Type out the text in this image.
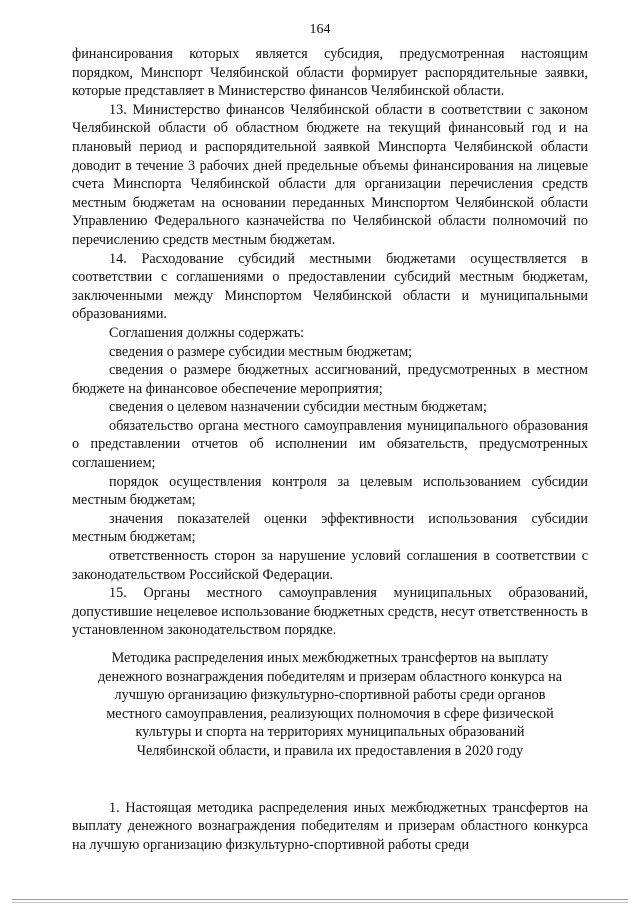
164

финансирования которых является субсидия, предусмотренная настоящим порядком, Минспорт Челябинской области формирует распорядительные заявки, которые представляет в Министерство финансов Челябинской области.

13. Министерство финансов Челябинской области в соответствии с законом Челябинской области об областном бюджете на текущий финансовый год и на плановый период и распорядительной заявкой Минспорта Челябинской области доводит в течение 3 рабочих дней предельные объемы финансирования на лицевые счета Минспорта Челябинской области для организации перечисления средств местным бюджетам на основании переданных Минспортом Челябинской области Управлению Федерального казначейства по Челябинской области полномочий по перечислению средств местным бюджетам.

14. Расходование субсидий местными бюджетами осуществляется в соответствии с соглашениями о предоставлении субсидий местным бюджетам, заключенными между Минспортом Челябинской области и муниципальными образованиями.

Соглашения должны содержать:

сведения о размере субсидии местным бюджетам;

сведения о размере бюджетных ассигнований, предусмотренных в местном бюджете на финансовое обеспечение мероприятия;

сведения о целевом назначении субсидии местным бюджетам;

обязательство органа местного самоуправления муниципального образования о представлении отчетов об исполнении им обязательств, предусмотренных соглашением;

порядок осуществления контроля за целевым использованием субсидии местным бюджетам;

значения показателей оценки эффективности использования субсидии местным бюджетам;

ответственность сторон за нарушение условий соглашения в соответствии с законодательством Российской Федерации.

15. Органы местного самоуправления муниципальных образований, допустившие нецелевое использование бюджетных средств, несут ответственность в установленном законодательством порядке.

Методика распределения иных межбюджетных трансфертов на выплату

денежного вознаграждения победителям и призерам областного конкурса на

лучшую организацию физкультурно-спортивной работы среди органов

местного самоуправления, реализующих полномочия в сфере физической

культуры и спорта на территориях муниципальных образований

Челябинской области, и правила их предоставления в 2020 году

1. Настоящая методика распределения иных межбюджетных трансфертов на выплату денежного вознаграждения победителям и призерам областного конкурса на лучшую организацию физкультурно-спортивной работы среди
